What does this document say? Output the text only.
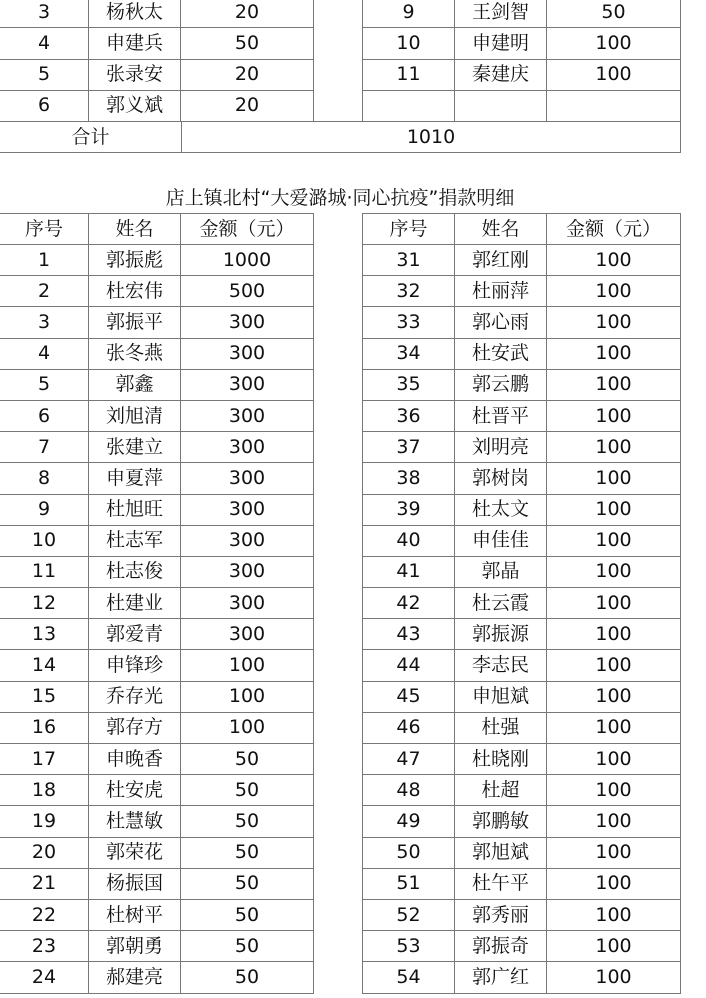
3	杨秋太	20
4	申建兵	50
5	张录安	20
6	郭义斌	20
9	王剑智	50
10	申建明	100
11	秦建庆	100

合计	1010
店上镇北村“大爱潞城·同心抗疫”捐款明细
序号	姓名	金额（元）
1	郭振彪	1000
2	杜宏伟	500
3	郭振平	300
4	张冬燕	300
5	郭鑫	300
6	刘旭清	300
7	张建立	300
8	申夏萍	300
9	杜旭旺	300
10	杜志军	300
11	杜志俊	300
12	杜建业	300
13	郭爱青	300
14	申锋珍	100
15	乔存光	100
16	郭存方	100
17	申晚香	50
18	杜安虎	50
19	杜慧敏	50
20	郭荣花	50
21	杨振国	50
22	杜树平	50
23	郭朝勇	50
24	郝建亮	50
序号	姓名	金额（元）
31	郭红刚	100
32	杜丽萍	100
33	郭心雨	100
34	杜安武	100
35	郭云鹏	100
36	杜晋平	100
37	刘明亮	100
38	郭树岗	100
39	杜太文	100
40	申佳佳	100
41	郭晶	100
42	杜云霞	100
43	郭振源	100
44	李志民	100
45	申旭斌	100
46	杜强	100
47	杜晓刚	100
48	杜超	100
49	郭鹏敏	100
50	郭旭斌	100
51	杜午平	100
52	郭秀丽	100
53	郭振奇	100
54	郭广红	100
